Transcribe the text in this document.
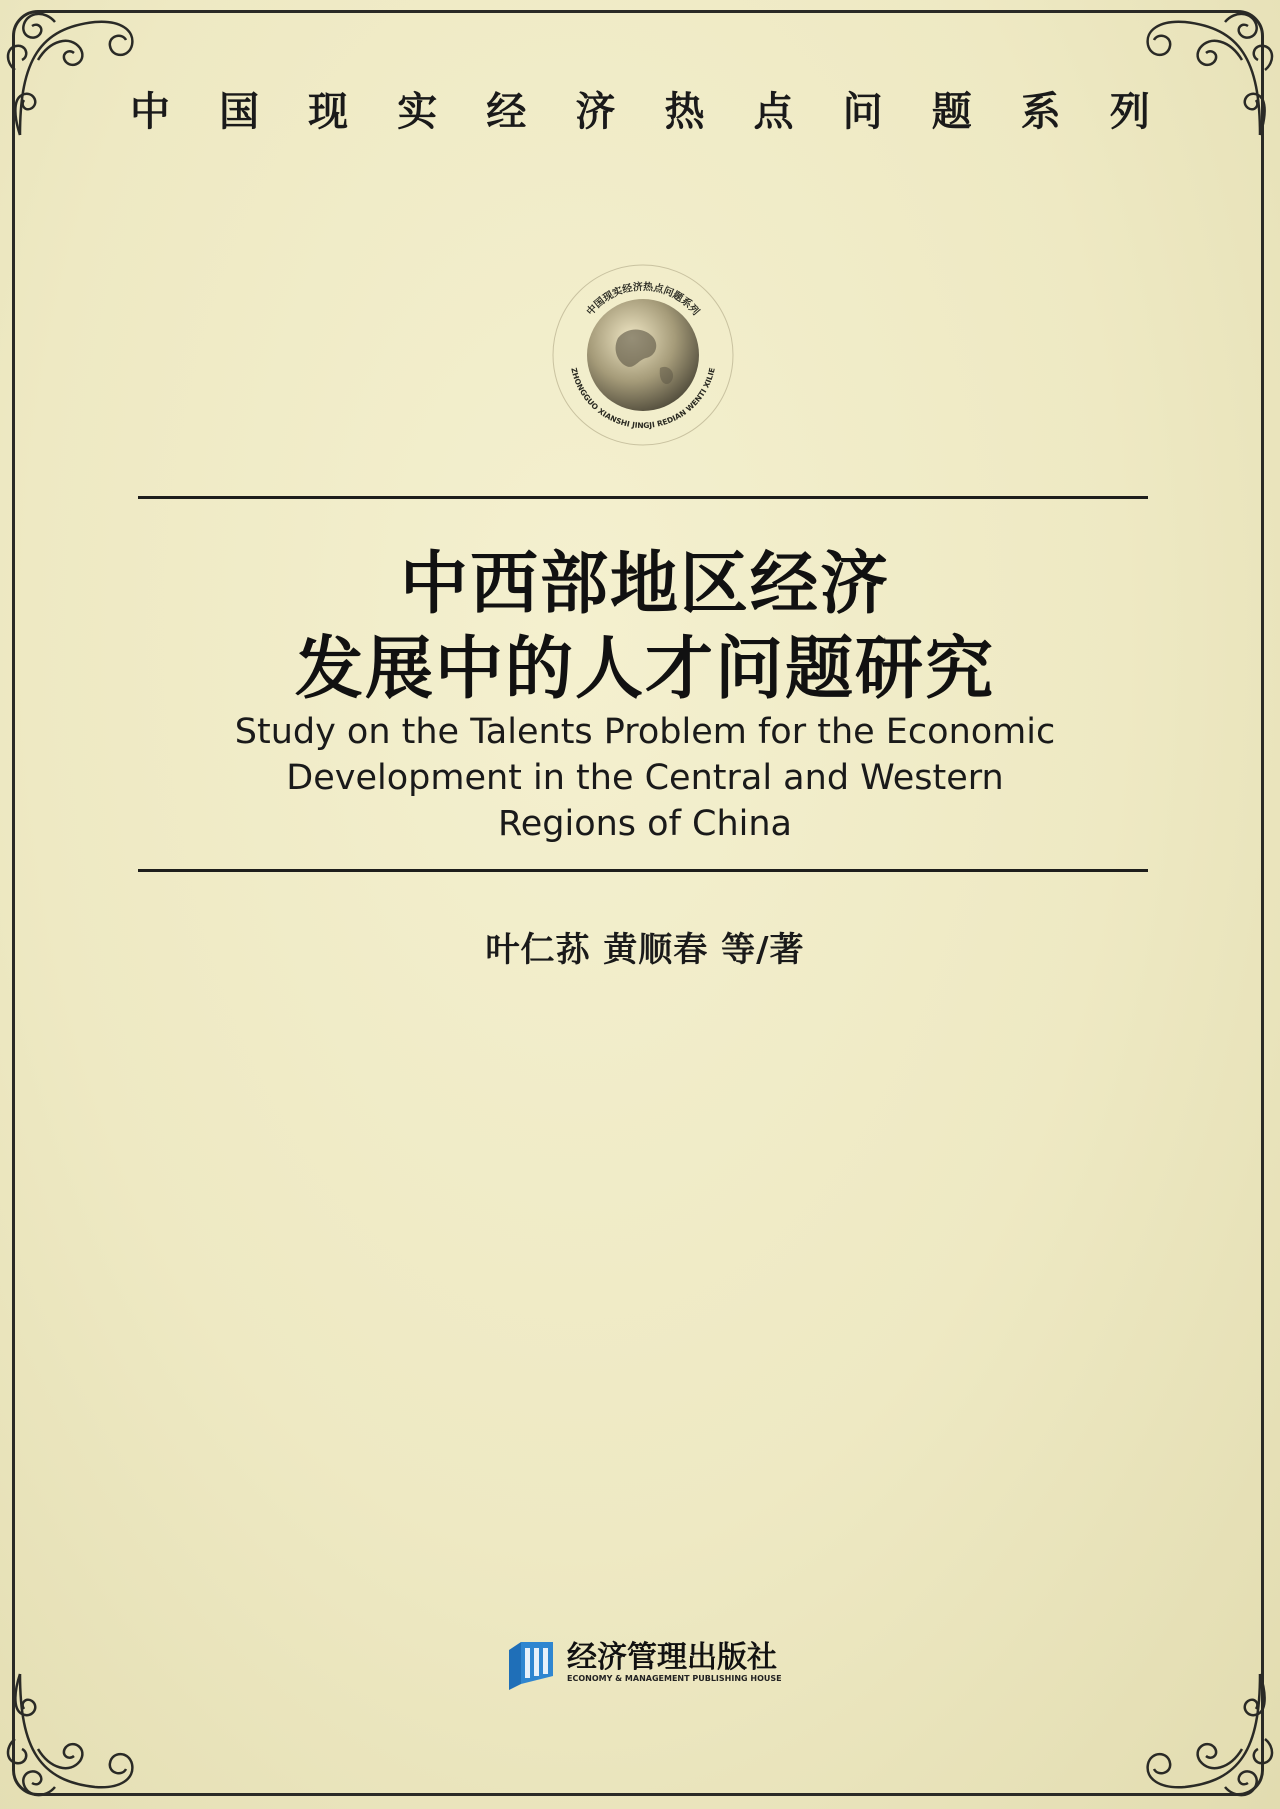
中 国 现 实 经 济 热 点 问 题 系 列
中国现实经济热点问题系列
ZHONGGUO XIANSHI JINGJI REDIAN WENTI XILIE
中西部地区经济
发展中的人才问题研究
Study on the Talents Problem for the Economic
Development in the Central and Western
Regions of China
叶仁荪 黄顺春 等/著
经济管理出版社
ECONOMY & MANAGEMENT PUBLISHING HOUSE
